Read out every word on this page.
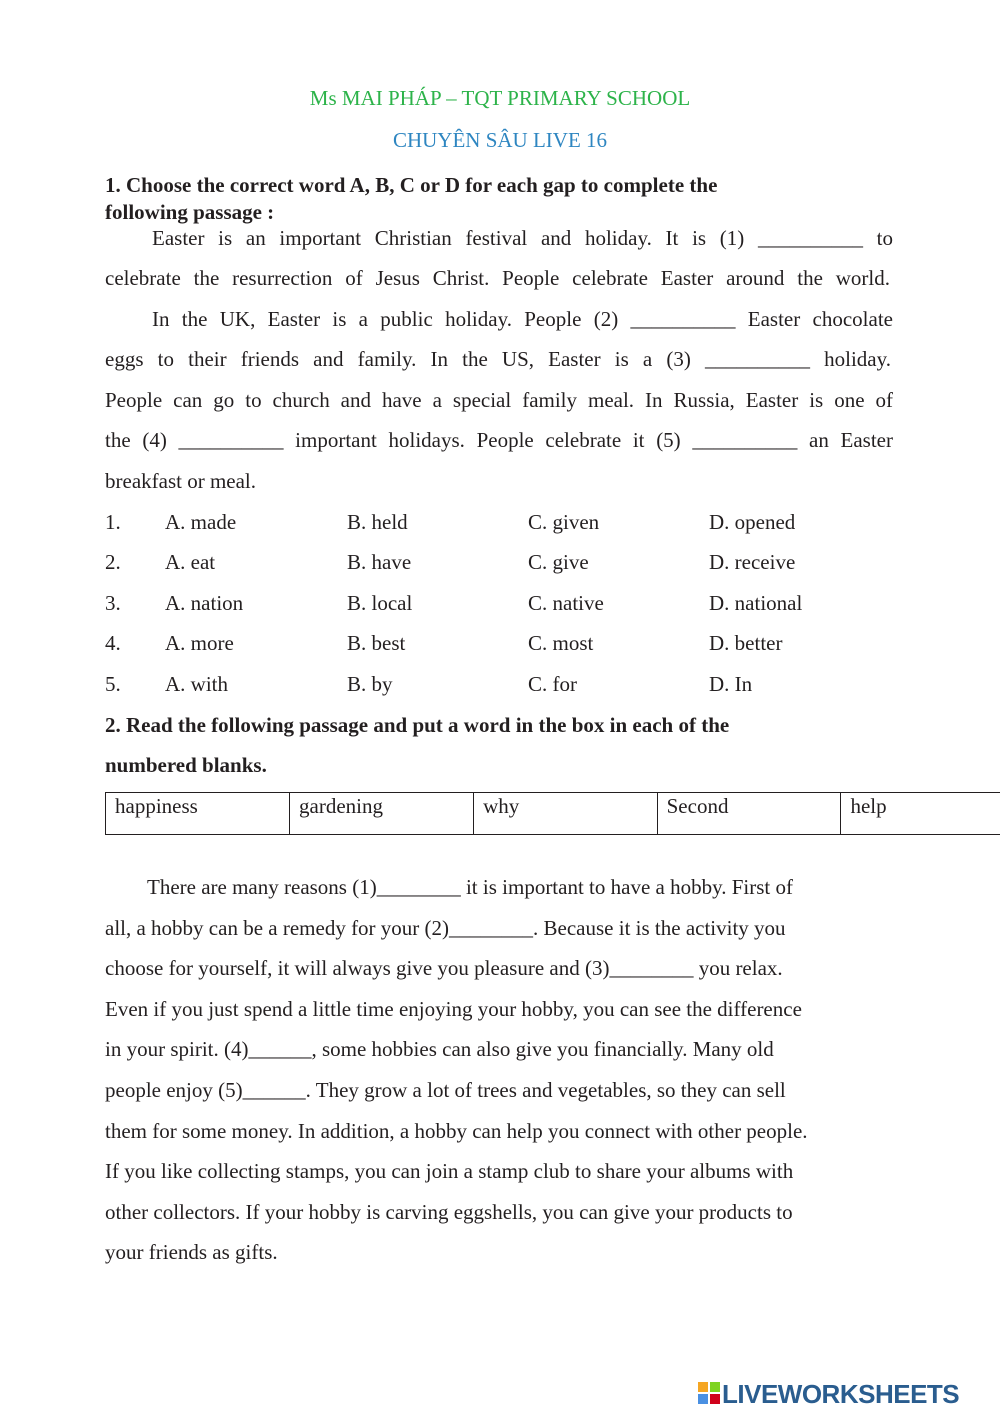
Ms MAI PHÁP – TQT PRIMARY SCHOOL
CHUYÊN SÂU LIVE 16
1. Choose the correct word A, B, C or D for each gap to complete the
following passage :
Easter is an important Christian festival and holiday. It is (1) __________ to
celebrate the resurrection of Jesus Christ. People celebrate Easter around the world.
In the UK, Easter is a public holiday. People (2) __________ Easter chocolate
eggs to their friends and family. In the US, Easter is a (3) __________ holiday.
People can go to church and have a special family meal. In Russia, Easter is one of
the (4) __________ important holidays. People celebrate it (5) __________ an Easter
breakfast or meal.
1. A. made	B. held	C. given	D. opened
2. A. eat	B. have	C. give	D. receive
3. A. nation	B. local	C. native	D. national
4. A. more	B. best	C. most	D. better
5. A. with	B. by	C. for	D. In
2. Read the following passage and put a word in the box in each of the
numbered blanks.
happiness	gardening	why	Second	help
There are many reasons (1)________ it is important to have a hobby. First of
all, a hobby can be a remedy for your (2)________. Because it is the activity you
choose for yourself, it will always give you pleasure and (3)________ you relax.
Even if you just spend a little time enjoying your hobby, you can see the difference
in your spirit. (4)______, some hobbies can also give you financially. Many old
people enjoy (5)______. They grow a lot of trees and vegetables, so they can sell
them for some money. In addition, a hobby can help you connect with other people.
If you like collecting stamps, you can join a stamp club to share your albums with
other collectors. If your hobby is carving eggshells, you can give your products to
your friends as gifts.
LIVEWORKSHEETS
